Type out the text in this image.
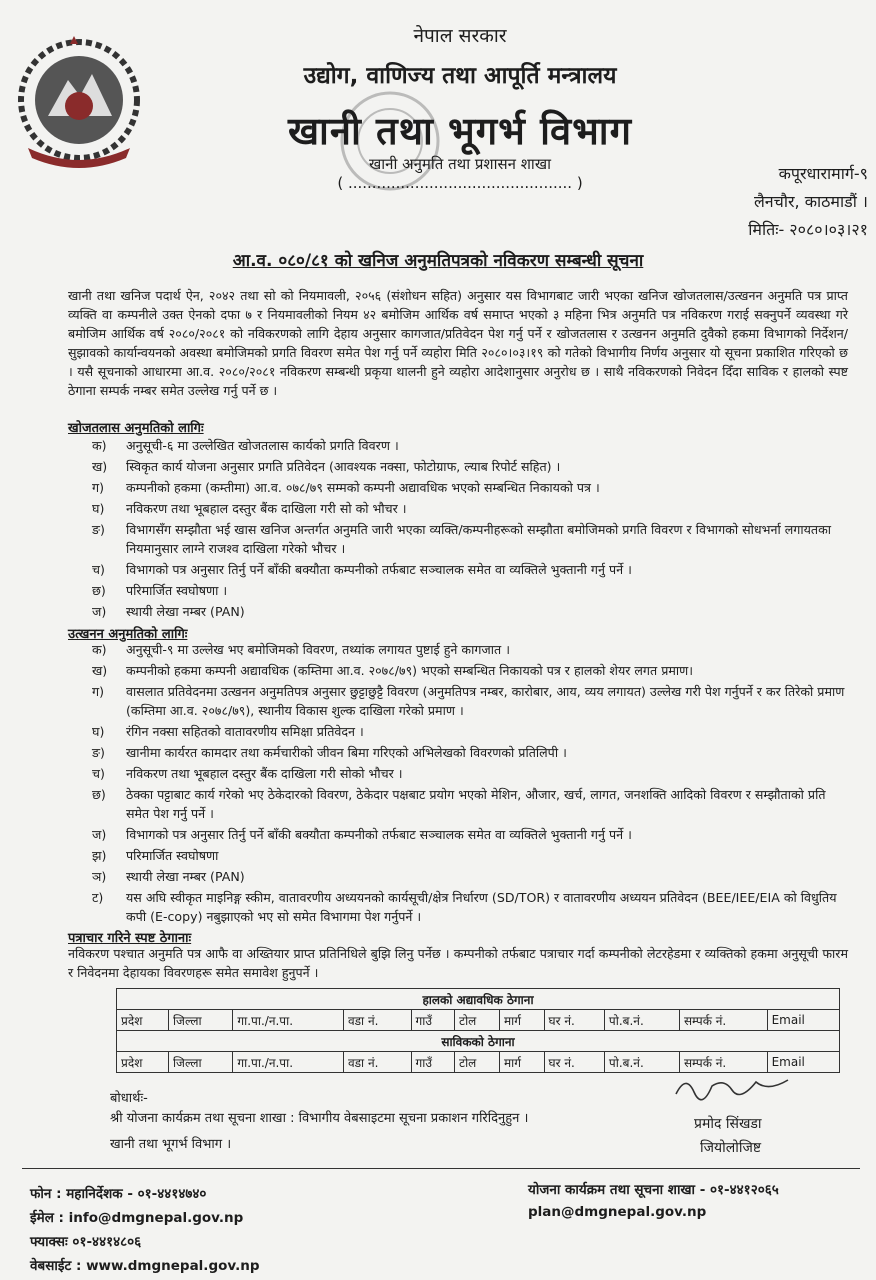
नेपाल सरकार
उद्योग, वाणिज्य तथा आपूर्ति मन्त्रालय
खानी तथा भूगर्भ विभाग
खानी अनुमति तथा प्रशासन शाखा
( ............................................... )	कपूरधारामार्ग-९
लैनचौर, काठमाडौं ।
मितिः- २०८०।०३।२१
आ.व. ०८०/८१ को खनिज अनुमतिपत्रको नविकरण सम्बन्धी सूचना
खानी तथा खनिज पदार्थ ऐन, २०४२ तथा सो को नियमावली, २०५६ (संशोधन सहित) अनुसार यस विभागबाट जारी भएका खनिज खोजतलास/उत्खनन अनुमति पत्र प्राप्त व्यक्ति वा कम्पनीले उक्त ऐनको दफा ७ र नियमावलीको नियम ४२ बमोजिम आर्थिक वर्ष समाप्त भएको ३ महिना भित्र अनुमति पत्र नविकरण गराई सक्नुपर्ने व्यवस्था गरे बमोजिम आर्थिक वर्ष २०८०/२०८१ को नविकरणको लागि देहाय अनुसार कागजात/प्रतिवेदन पेश गर्नु पर्ने र खोजतलास र उत्खनन अनुमति दुवैको हकमा विभागको निर्देशन/सुझावको कार्यान्वयनको अवस्था बमोजिमको प्रगति विवरण समेत पेश गर्नु पर्ने व्यहोरा मिति २०८०।०३।१९ को गतेको विभागीय निर्णय अनुसार यो सूचना प्रकाशित गरिएको छ । यसै सूचनाको आधारमा आ.व. २०८०/२०८१ नविकरण सम्बन्धी प्रकृया थालनी हुने व्यहोरा आदेशानुसार अनुरोध छ । साथै नविकरणको निवेदन दिँदा साविक र हालको स्पष्ट ठेगाना सम्पर्क नम्बर समेत उल्लेख गर्नु पर्ने छ ।
खोजतलास अनुमतिको लागिः
क)	अनुसूची-६ मा उल्लेखित खोजतलास कार्यको प्रगति विवरण ।
ख)	स्विकृत कार्य योजना अनुसार प्रगति प्रतिवेदन (आवश्यक नक्सा, फोटोग्राफ, ल्याब रिपोर्ट सहित) ।
ग)	कम्पनीको हकमा (कम्तीमा) आ.व. ०७८/७९ सम्मको कम्पनी अद्यावधिक भएको सम्बन्धित निकायको पत्र ।
घ)	नविकरण तथा भूबहाल दस्तुर बैंक दाखिला गरी सो को भौचर ।
ङ)	विभागसँग सम्झौता भई खास खनिज अन्तर्गत अनुमति जारी भएका व्यक्ति/कम्पनीहरूको सम्झौता बमोजिमको प्रगति विवरण र विभागको सोधभर्ना लगायतका नियमानुसार लाग्ने राजश्व दाखिला गरेको भौचर ।
च)	विभागको पत्र अनुसार तिर्नु पर्ने बाँकी बक्यौता कम्पनीको तर्फबाट सञ्चालक समेत वा व्यक्तिले भुक्तानी गर्नु पर्ने ।
छ)	परिमार्जित स्वघोषणा ।
ज)	स्थायी लेखा नम्बर (PAN)
उत्खनन अनुमतिको लागिः
क)	अनुसूची-९ मा उल्लेख भए बमोजिमको विवरण, तथ्यांक लगायत पुष्टाई हुने कागजात ।
ख)	कम्पनीको हकमा कम्पनी अद्यावधिक (कम्तिमा आ.व. २०७८/७९) भएको सम्बन्धित निकायको पत्र र हालको शेयर लगत प्रमाण।
ग)	वासलात प्रतिवेदनमा उत्खनन अनुमतिपत्र अनुसार छुट्टाछुट्टै विवरण (अनुमतिपत्र नम्बर, कारोबार, आय, व्यय लगायत) उल्लेख गरी पेश गर्नुपर्ने र कर तिरेको प्रमाण (कम्तिमा आ.व. २०७८/७९), स्थानीय विकास शुल्क दाखिला गरेको प्रमाण ।
घ)	रंगिन नक्सा सहितको वातावरणीय समिक्षा प्रतिवेदन ।
ङ)	खानीमा कार्यरत कामदार तथा कर्मचारीको जीवन बिमा गरिएको अभिलेखको विवरणको प्रतिलिपी ।
च)	नविकरण तथा भूबहाल दस्तुर बैंक दाखिला गरी सोको भौचर ।
छ)	ठेक्का पट्टाबाट कार्य गरेको भए ठेकेदारको विवरण, ठेकेदार पक्षबाट प्रयोग भएको मेशिन, औजार, खर्च, लागत, जनशक्ति आदिको विवरण र सम्झौताको प्रति समेत पेश गर्नु पर्ने ।
ज)	विभागको पत्र अनुसार तिर्नु पर्ने बाँकी बक्यौता कम्पनीको तर्फबाट सञ्चालक समेत वा व्यक्तिले भुक्तानी गर्नु पर्ने ।
झ)	परिमार्जित स्वघोषणा
ञ)	स्थायी लेखा नम्बर (PAN)
ट)	यस अघि स्वीकृत माइनिङ्ग स्कीम, वातावरणीय अध्ययनको कार्यसूची/क्षेत्र निर्धारण (SD/TOR) र वातावरणीय अध्ययन प्रतिवेदन (BEE/IEE/EIA को विधुतिय कपी (E-copy) नबुझाएको भए सो समेत विभागमा पेश गर्नुपर्ने ।
पत्राचार गरिने स्पष्ट ठेगानाः
नविकरण पश्चात अनुमति पत्र आफै वा अख्तियार प्राप्त प्रतिनिधिले बुझि लिनु पर्नेछ । कम्पनीको तर्फबाट पत्राचार गर्दा कम्पनीको लेटरहेडमा र व्यक्तिको हकमा अनुसूची फारम र निवेदनमा देहायका विवरणहरू समेत समावेश हुनुपर्ने ।
हालको अद्यावधिक ठेगाना										
प्रदेश	जिल्ला	गा.पा./न.पा.	वडा नं.	गाउँ	टोल	मार्ग	घर नं.	पो.ब.नं.	सम्पर्क नं.	Email
साविकको ठेगाना										
प्रदेश	जिल्ला	गा.पा./न.पा.	वडा नं.	गाउँ	टोल	मार्ग	घर नं.	पो.ब.नं.	सम्पर्क नं.	Email
बोधार्थः-
श्री योजना कार्यक्रम तथा सूचना शाखा : विभागीय वेबसाइटमा सूचना प्रकाशन गरिदिनुहुन ।
खानी तथा भूगर्भ विभाग ।
प्रमोद सिंखडा
जियोलोजिष्ट
फोन : महानिर्देशक - ०१-४४१४७४०
ईमेल : info@dmgnepal.gov.np
फ्याक्सः ०१-४४१४८०६
वेबसाईट : www.dmgnepal.gov.np
योजना कार्यक्रम तथा सूचना शाखा - ०१-४४१२०६५
plan@dmgnepal.gov.np
